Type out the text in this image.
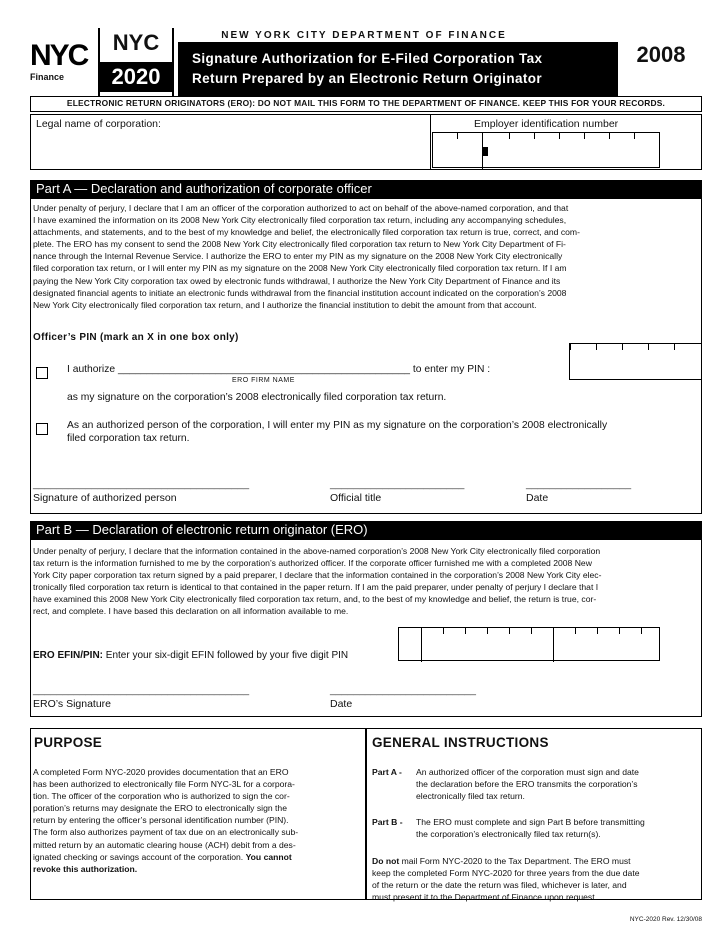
NEW YORK CITY DEPARTMENT OF FINANCE
NYC
Finance
NYC
2020
Signature Authorization for E-Filed Corporation Tax
Return Prepared by an Electronic Return Originator
2008
ELECTRONIC RETURN ORIGINATORS (ERO): DO NOT MAIL THIS FORM TO THE DEPARTMENT OF FINANCE. KEEP THIS FOR YOUR RECORDS.
Legal name of corporation:	Employer identification number
Part A — Declaration and authorization of corporate officer
Under penalty of perjury, I declare that I am an officer of the corporation authorized to act on behalf of the above-named corporation, and that
I have examined the information on its 2008 New York City electronically filed corporation tax return, including any accompanying schedules,
attachments, and statements, and to the best of my knowledge and belief, the electronically filed corporation tax return is true, correct, and com-
plete. The ERO has my consent to send the 2008 New York City electronically filed corporation tax return to New York City Department of Fi-
nance through the Internal Revenue Service. I authorize the ERO to enter my PIN as my signature on the 2008 New York City electronically
filed corporation tax return, or I will enter my PIN as my signature on the 2008 New York City electronically filed corporation tax return. If I am
paying the New York City corporation tax owed by electronic funds withdrawal, I authorize the New York City Department of Finance and its
designated financial agents to initiate an electronic funds withdrawal from the financial institution account indicated on the corporation’s 2008
New York City electronically filed corporation tax return, and I authorize the financial institution to debit the amount from that account.
Officer’s PIN (mark an X in one box only)
I authorize ___________________________________________________ to enter my PIN :
ERO FIRM NAME
as my signature on the corporation’s 2008 electronically filed corporation tax return.
As an authorized person of the corporation, I will enter my PIN as my signature on the corporation’s 2008 electronically
filed corporation tax return.
_____________________________________	_______________________	__________________
Signature of authorized person	Official title	Date
Part B — Declaration of electronic return originator (ERO)
Under penalty of perjury, I declare that the information contained in the above-named corporation’s 2008 New York City electronically filed corporation
tax return is the information furnished to me by the corporation’s authorized officer. If the corporate officer furnished me with a completed 2008 New
York City paper corporation tax return signed by a paid preparer, I declare that the information contained in the corporation’s 2008 New York City elec-
tronically filed corporation tax return is identical to that contained in the paper return. If I am the paid preparer, under penalty of perjury I declare that I
have examined this 2008 New York City electronically filed corporation tax return, and, to the best of my knowledge and belief, the return is true, cor-
rect, and complete. I have based this declaration on all information available to me.
ERO EFIN/PIN: Enter your six-digit EFIN followed by your five digit PIN
_____________________________________	_________________________
ERO’s Signature	Date
PURPOSE
A completed Form NYC-2020 provides documentation that an ERO
has been authorized to electronically file Form NYC-3L for a corpora-
tion. The officer of the corporation who is authorized to sign the cor-
poration’s returns may designate the ERO to electronically sign the
return by entering the officer’s personal identification number (PIN).
The form also authorizes payment of tax due on an electronically sub-
mitted return by an automatic clearing house (ACH) debit from a des-
ignated checking or savings account of the corporation. You cannot
revoke this authorization.
GENERAL INSTRUCTIONS
Part A - An authorized officer of the corporation must sign and date
the declaration before the ERO transmits the corporation’s
electronically filed tax return.
Part B - The ERO must complete and sign Part B before transmitting
the corporation’s electronically filed tax return(s).
Do not mail Form NYC-2020 to the Tax Department. The ERO must
keep the completed Form NYC-2020 for three years from the due date
of the return or the date the return was filed, whichever is later, and
must present it to the Department of Finance upon request.
NYC-2020 Rev. 12/30/08
